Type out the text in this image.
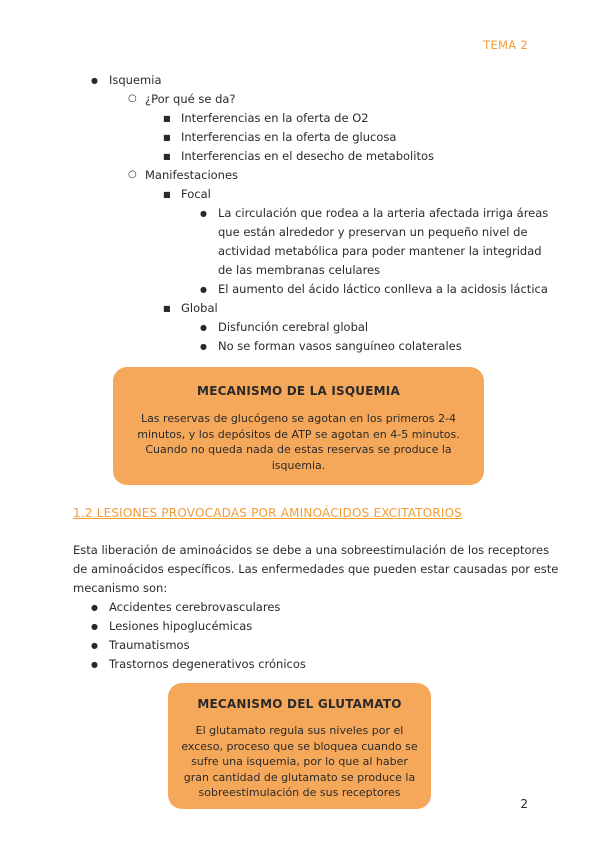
TEMA 2
● Isquemia
○ ¿Por qué se da?
■ Interferencias en la oferta de O2
■ Interferencias en la oferta de glucosa
■ Interferencias en el desecho de metabolitos
○ Manifestaciones
■ Focal
● La circulación que rodea a la arteria afectada irriga áreas
que están alrededor y preservan un pequeño nivel de
actividad metabólica para poder mantener la integridad
de las membranas celulares
● El aumento del ácido láctico conlleva a la acidosis láctica
■ Global
● Disfunción cerebral global
● No se forman vasos sanguíneo colaterales
MECANISMO DE LA ISQUEMIA
Las reservas de glucógeno se agotan en los primeros 2-4
minutos, y los depósitos de ATP se agotan en 4-5 minutos.
Cuando no queda nada de estas reservas se produce la
isquemia.
1.2 LESIONES PROVOCADAS POR AMINOÁCIDOS EXCITATORIOS
Esta liberación de aminoácidos se debe a una sobreestimulación de los receptores
de aminoácidos específicos. Las enfermedades que pueden estar causadas por este
mecanismo son:
● Accidentes cerebrovasculares
● Lesiones hipoglucémicas
● Traumatismos
● Trastornos degenerativos crónicos
MECANISMO DEL GLUTAMATO
El glutamato regula sus niveles por el
exceso, proceso que se bloquea cuando se
sufre una isquemia, por lo que al haber
gran cantidad de glutamato se produce la
sobreestimulación de sus receptores
2
